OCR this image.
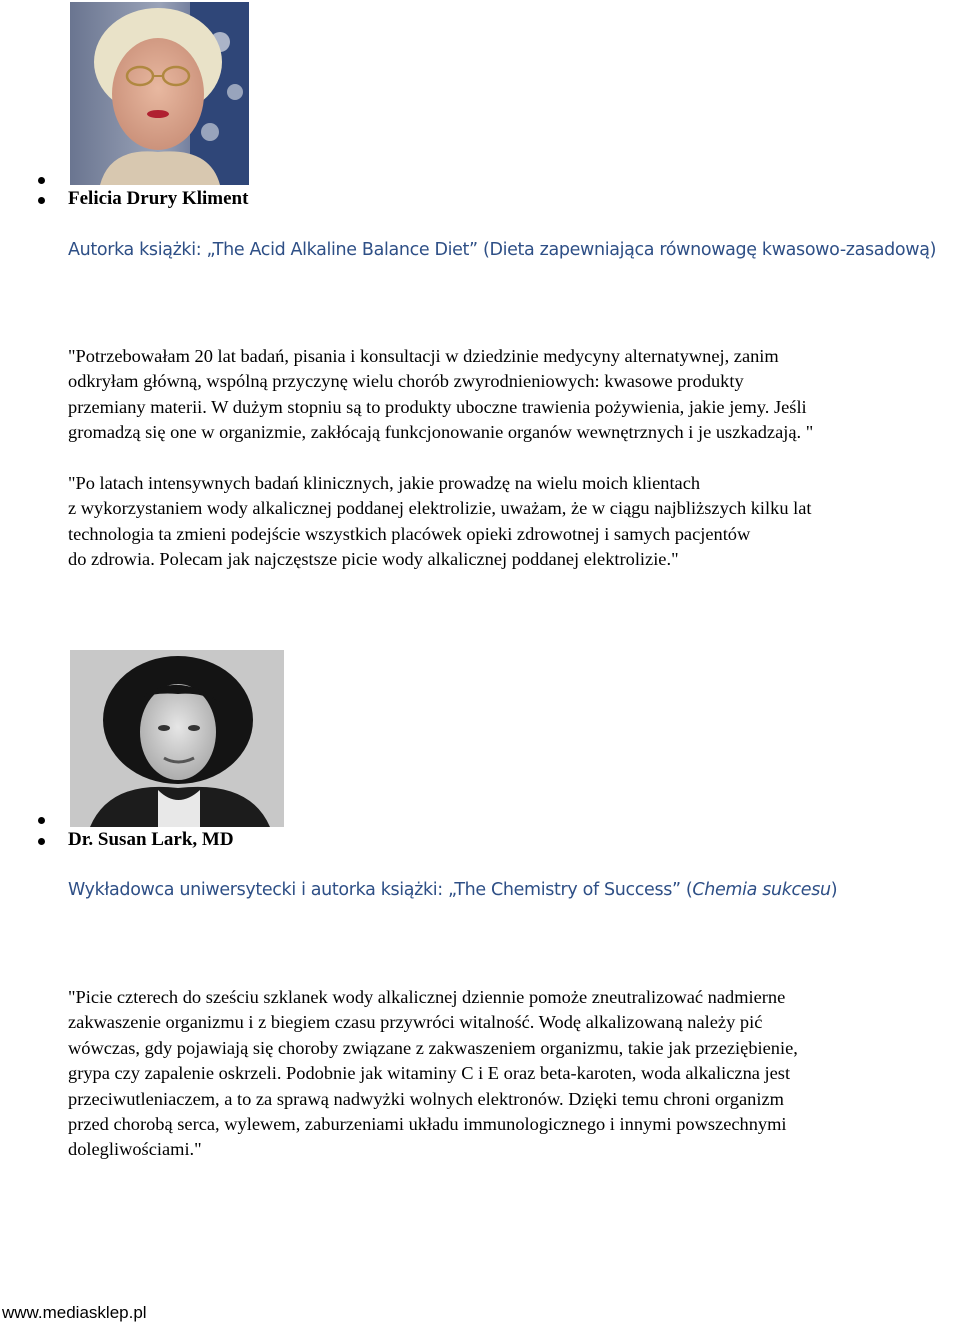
Felicia Drury Kliment
Autorka książki: „The Acid Alkaline Balance Diet” (Dieta zapewniająca równowagę kwasowo-zasadową)
"Potrzebowałam 20 lat badań, pisania i konsultacji w dziedzinie medycyny alternatywnej, zanim
odkryłam główną, wspólną przyczynę wielu chorób zwyrodnieniowych: kwasowe produkty
przemiany materii. W dużym stopniu są to produkty uboczne trawienia pożywienia, jakie jemy. Jeśli
gromadzą się one w organizmie, zakłócają funkcjonowanie organów wewnętrznych i je uszkadzają. "
"Po latach intensywnych badań klinicznych, jakie prowadzę na wielu moich klientach
z wykorzystaniem wody alkalicznej poddanej elektrolizie, uważam, że w ciągu najbliższych kilku lat
technologia ta zmieni podejście wszystkich placówek opieki zdrowotnej i samych pacjentów
do zdrowia. Polecam jak najczęstsze picie wody alkalicznej poddanej elektrolizie."
Dr. Susan Lark, MD
Wykładowca uniwersytecki i autorka książki: „The Chemistry of Success” (Chemia sukcesu)
"Picie czterech do sześciu szklanek wody alkalicznej dziennie pomoże zneutralizować nadmierne
zakwaszenie organizmu i z biegiem czasu przywróci witalność. Wodę alkalizowaną należy pić
wówczas, gdy pojawiają się choroby związane z zakwaszeniem organizmu, takie jak przeziębienie,
grypa czy zapalenie oskrzeli. Podobnie jak witaminy C i E oraz beta-karoten, woda alkaliczna jest
przeciwutleniaczem, a to za sprawą nadwyżki wolnych elektronów. Dzięki temu chroni organizm
przed chorobą serca, wylewem, zaburzeniami układu immunologicznego i innymi powszechnymi
dolegliwościami."
www.mediasklep.pl
